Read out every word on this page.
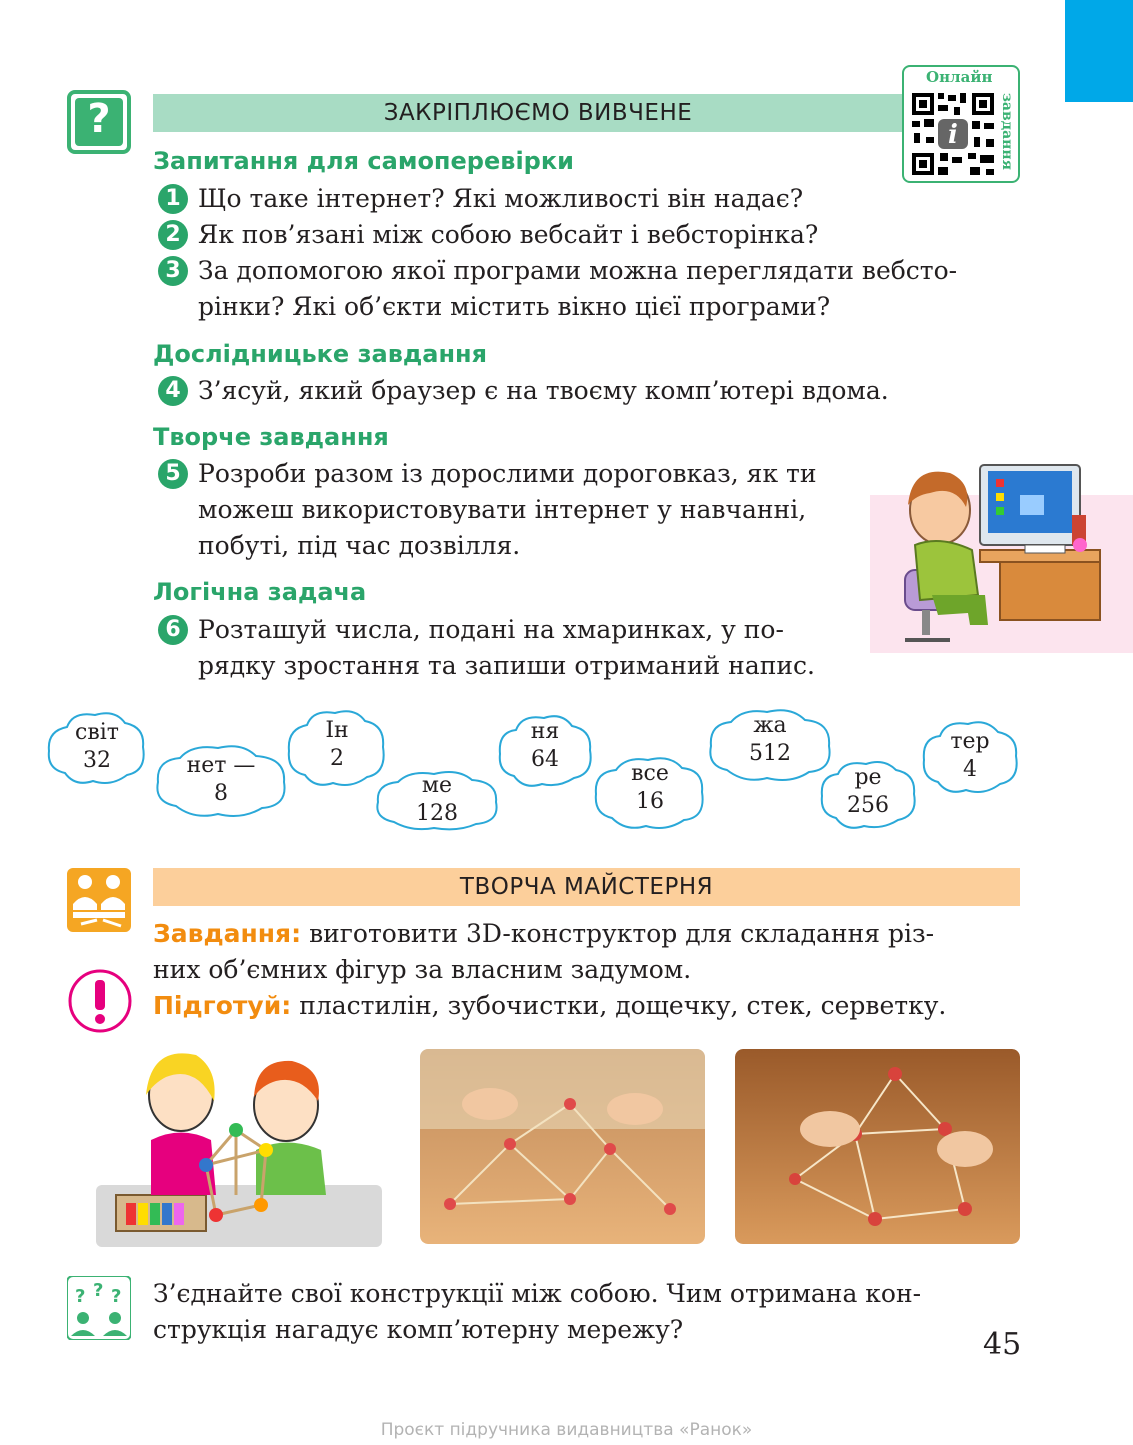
?	ЗАКРІПЛЮЄМО ВИВЧЕНЕ
Онлайн
завдання
i
Запитання для самоперевірки
1 Що таке інтернет? Які можливості він надає?
2 Як пов’язані між собою вебсайт і вебсторінка?
3 За допомогою якої програми можна переглядати вебсто-
рінки? Які об’єкти містить вікно цієї програми?
Дослідницьке завдання
4 З’ясуй, який браузер є на твоєму комп’ютері вдома.
Творче завдання
5 Розроби разом із дорослими дороговказ, як ти
можеш використовувати інтернет у навчанні,
побуті, під час дозвілля.
Логічна задача
6 Розташуй числа, подані на хмаринках, у по-
рядку зростання та запиши отриманий напис.
світ
32	нет —
8
Ін
2
ме
128
ня
64
все
16
жа
512
ре
256
тер
4
ТВОРЧА МАЙСТЕРНЯ
Завдання: виготовити 3D-конструктор для складання різ-
них об’ємних фігур за власним задумом.
Підготуй: пластилін, зубочистки, дощечку, стек, серветку.
? ? ? З’єднайте свої конструкції між собою. Чим отримана кон-
струкція нагадує комп’ютерну мережу?	45
Проєкт підручника видавництва «Ранок»
